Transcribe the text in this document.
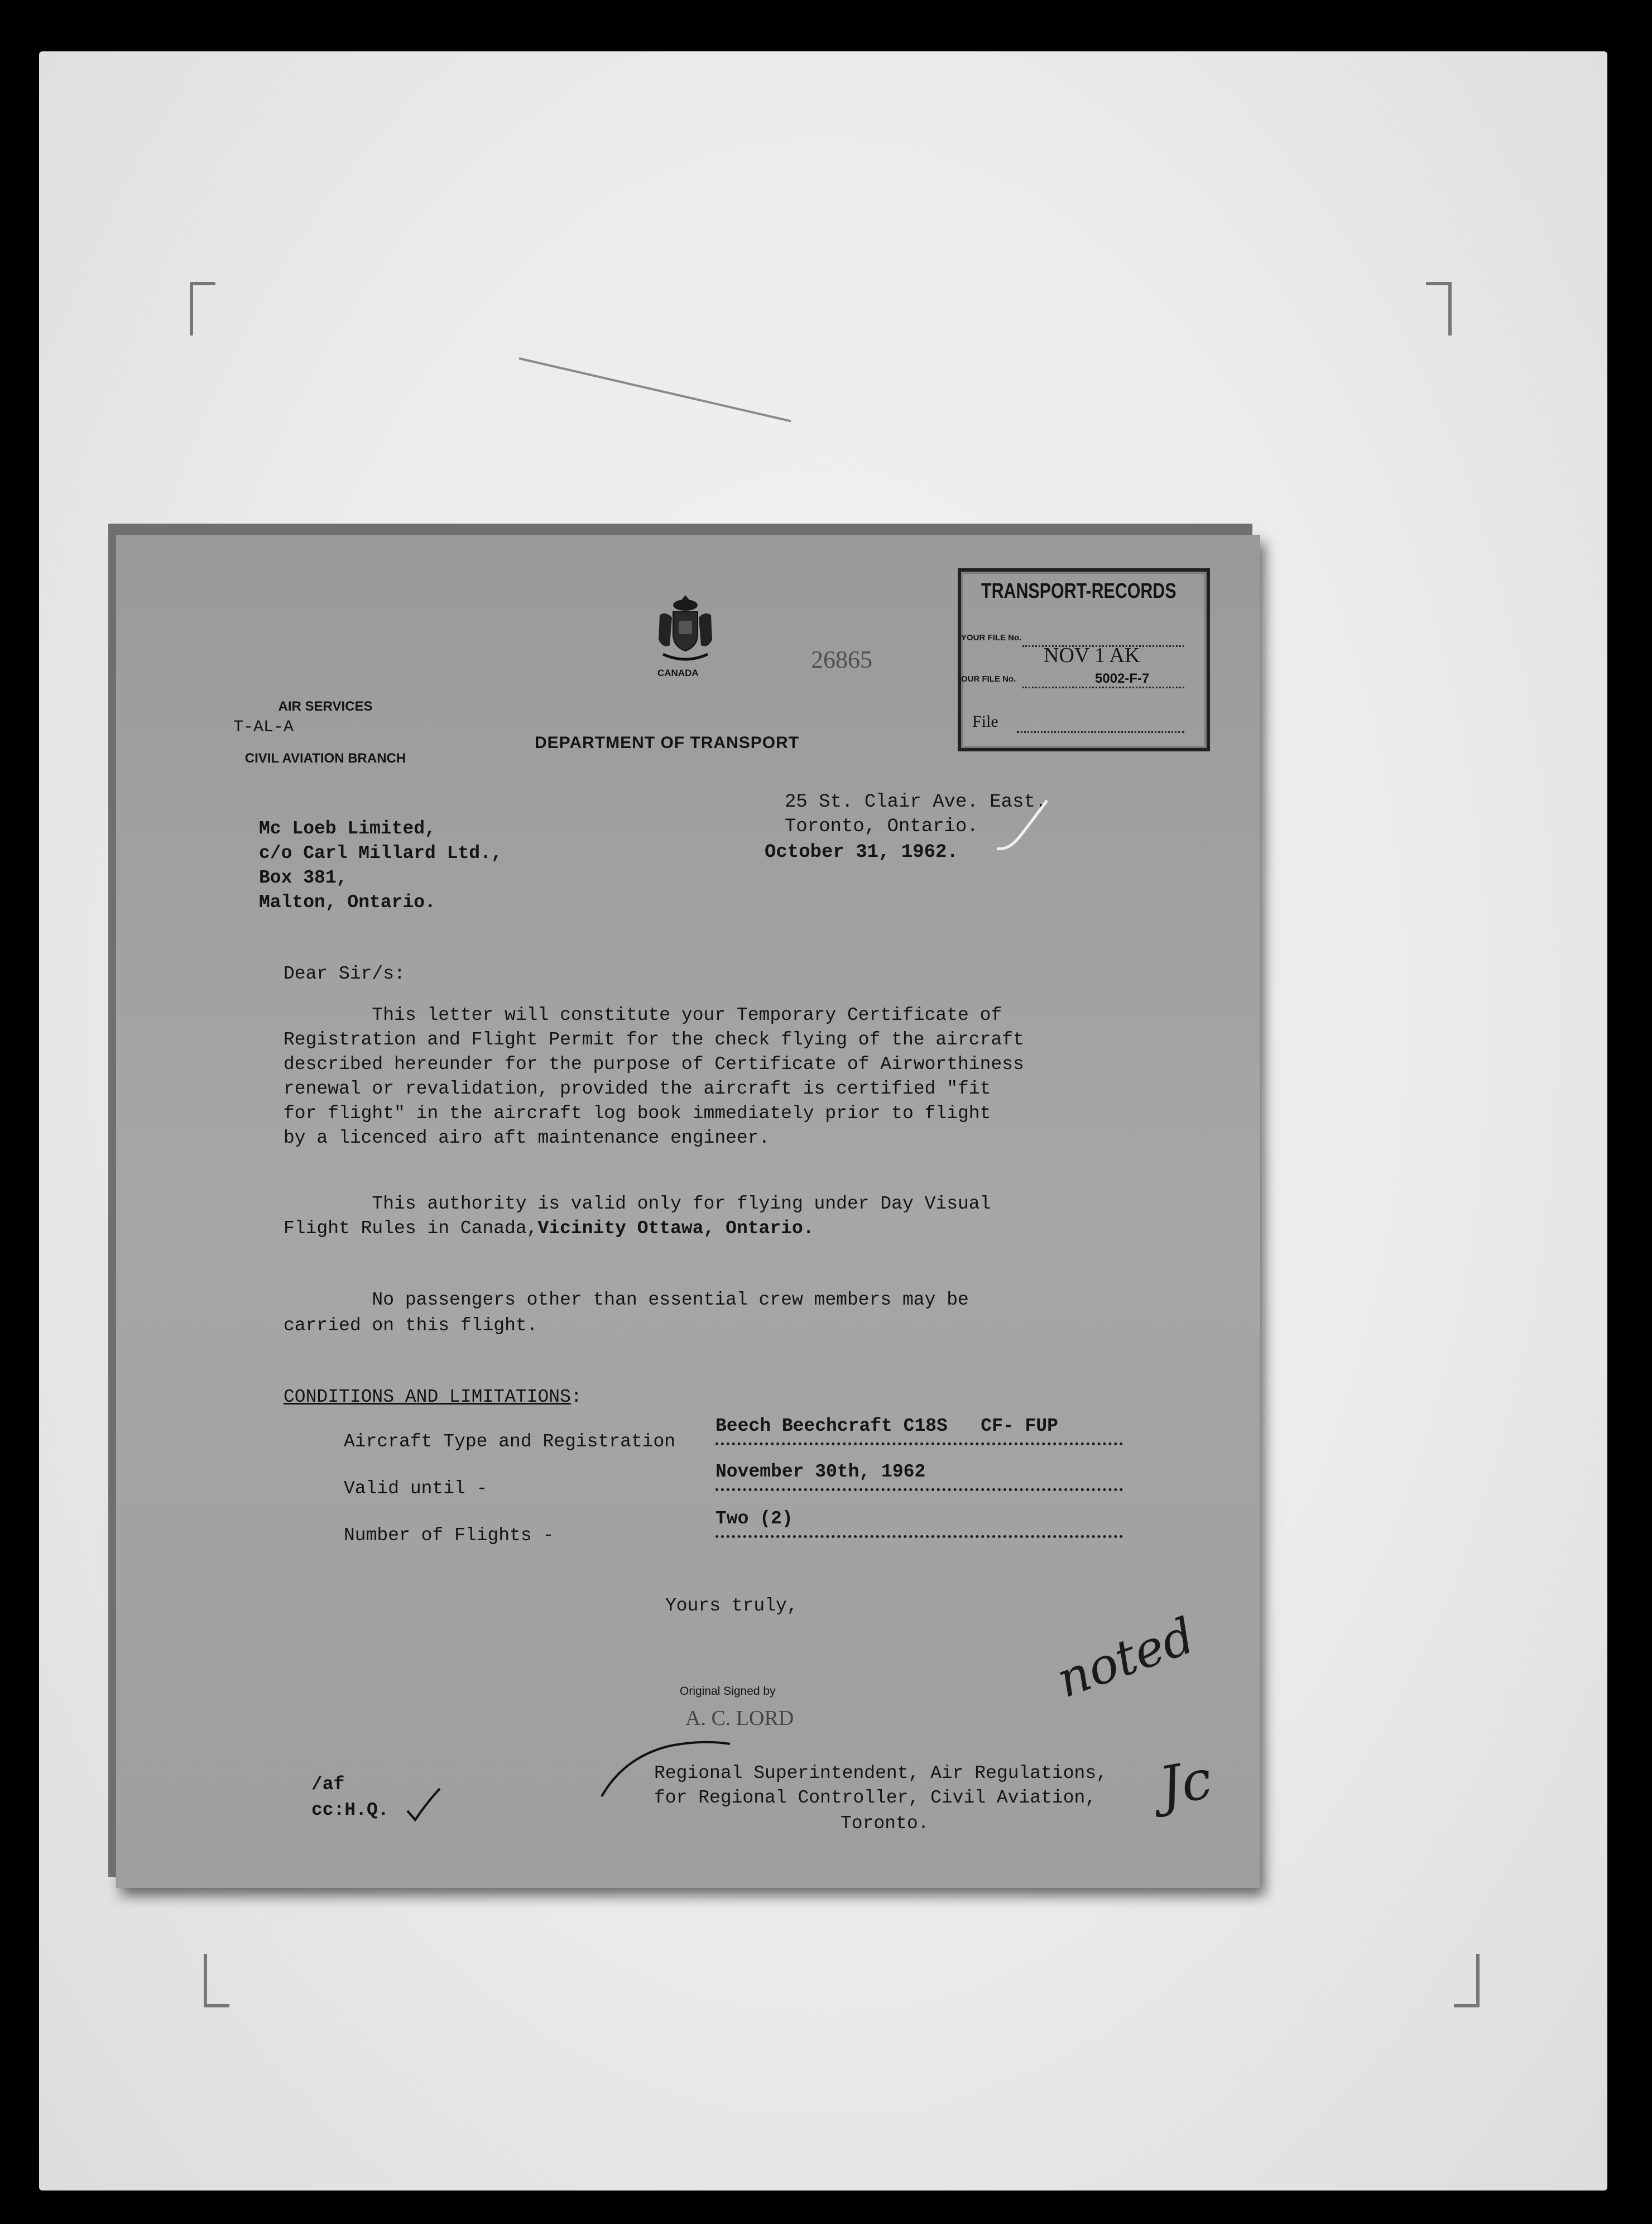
AIR SERVICES

CIVIL AVIATION BRANCH

T-AL-A
CANADA
DEPARTMENT OF TRANSPORT
26865
TRANSPORT-RECORDS
YOUR FILE No.
OUR FILE No.
NOV 1 AK
5002-F-7
File
25 St. Clair Ave. East.
Toronto, Ontario.
October 31, 1962.
Mc Loeb Limited,
c/o Carl Millard Ltd.,
Box 381,
Malton, Ontario.
Dear Sir/s:
This letter will constitute your Temporary Certificate of
Registration and Flight Permit for the check flying of the aircraft
described hereunder for the purpose of Certificate of Airworthiness
renewal or revalidation, provided the aircraft is certified "fit
for flight" in the aircraft log book immediately prior to flight
by a licenced airo aft maintenance engineer.
This authority is valid only for flying under Day Visual
Flight Rules in Canada,Vicinity Ottawa, Ontario.
No passengers other than essential crew members may be
carried on this flight.
CONDITIONS AND LIMITATIONS:
Aircraft Type and Registration
Beech Beechcraft C18S   CF- FUP
Valid until -
November 30th, 1962
Number of Flights -
Two (2)
Yours truly,
Original Signed by
A. C. LORD
Regional Superintendent, Air Regulations,
for Regional Controller, Civil Aviation,
Toronto.
/af
cc:H.Q.
noted
Jc
